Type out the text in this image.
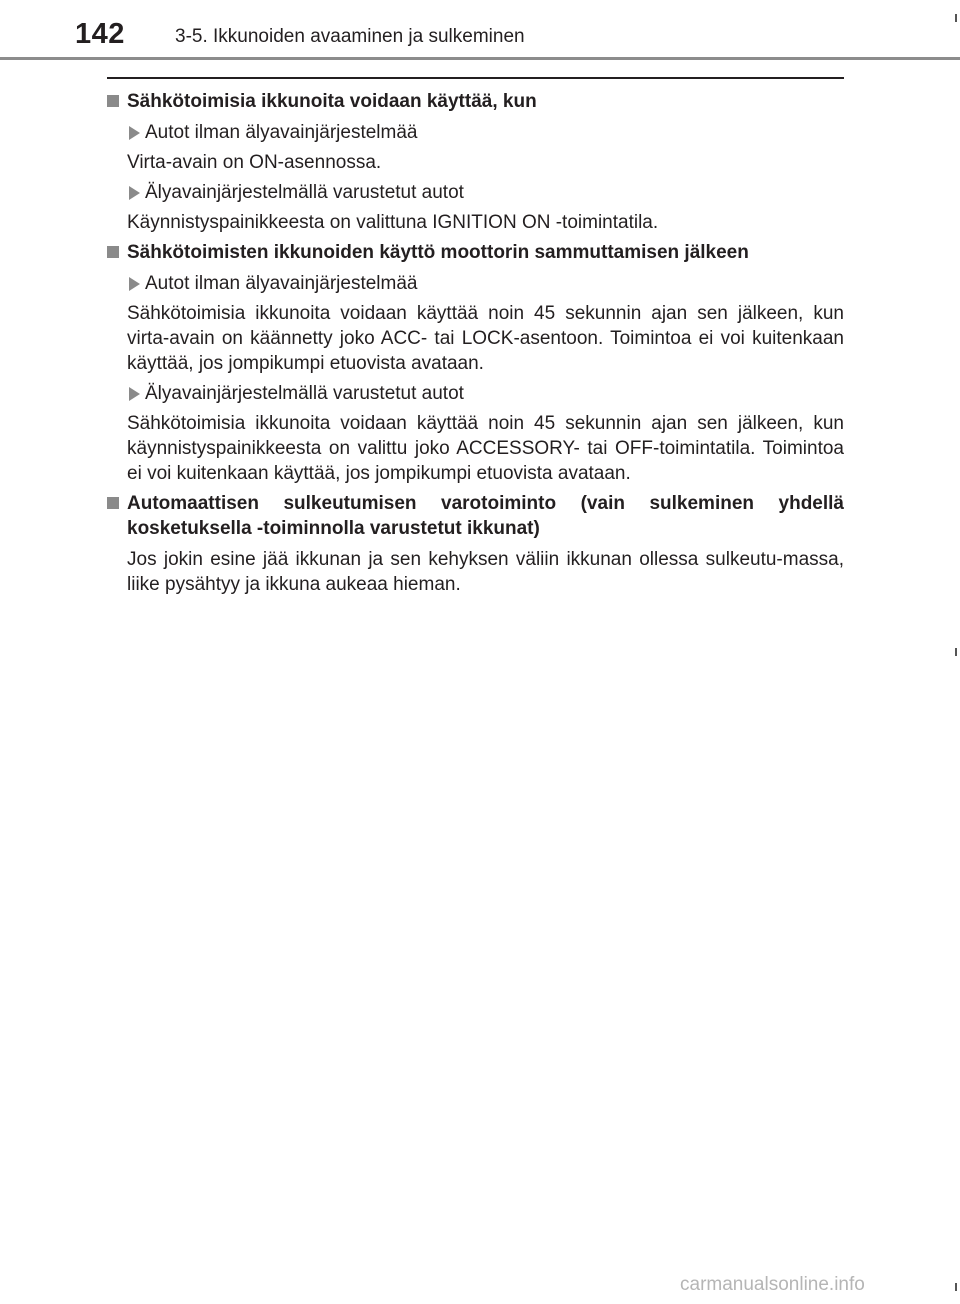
142	3-5. Ikkunoiden avaaminen ja sulkeminen
Sähkötoimisia ikkunoita voidaan käyttää, kun
Autot ilman älyavainjärjestelmää
Virta-avain on ON-asennossa.
Älyavainjärjestelmällä varustetut autot
Käynnistyspainikkeesta on valittuna IGNITION ON -toimintatila.
Sähkötoimisten ikkunoiden käyttö moottorin sammuttamisen jälkeen
Autot ilman älyavainjärjestelmää
Sähkötoimisia ikkunoita voidaan käyttää noin 45 sekunnin ajan sen jälkeen, kun virta-avain on käännetty joko ACC- tai LOCK-asentoon. Toimintoa ei voi kuitenkaan käyttää, jos jompikumpi etuovista avataan.
Älyavainjärjestelmällä varustetut autot
Sähkötoimisia ikkunoita voidaan käyttää noin 45 sekunnin ajan sen jälkeen, kun käynnistyspainikkeesta on valittu joko ACCESSORY- tai OFF-toimintatila. Toimintoa ei voi kuitenkaan käyttää, jos jompikumpi etuovista avataan.
Automaattisen sulkeutumisen varotoiminto (vain sulkeminen yhdellä kosketuksella -toiminnolla varustetut ikkunat)
Jos jokin esine jää ikkunan ja sen kehyksen väliin ikkunan ollessa sulkeutu-massa, liike pysähtyy ja ikkuna aukeaa hieman.
carmanualsonline.info
